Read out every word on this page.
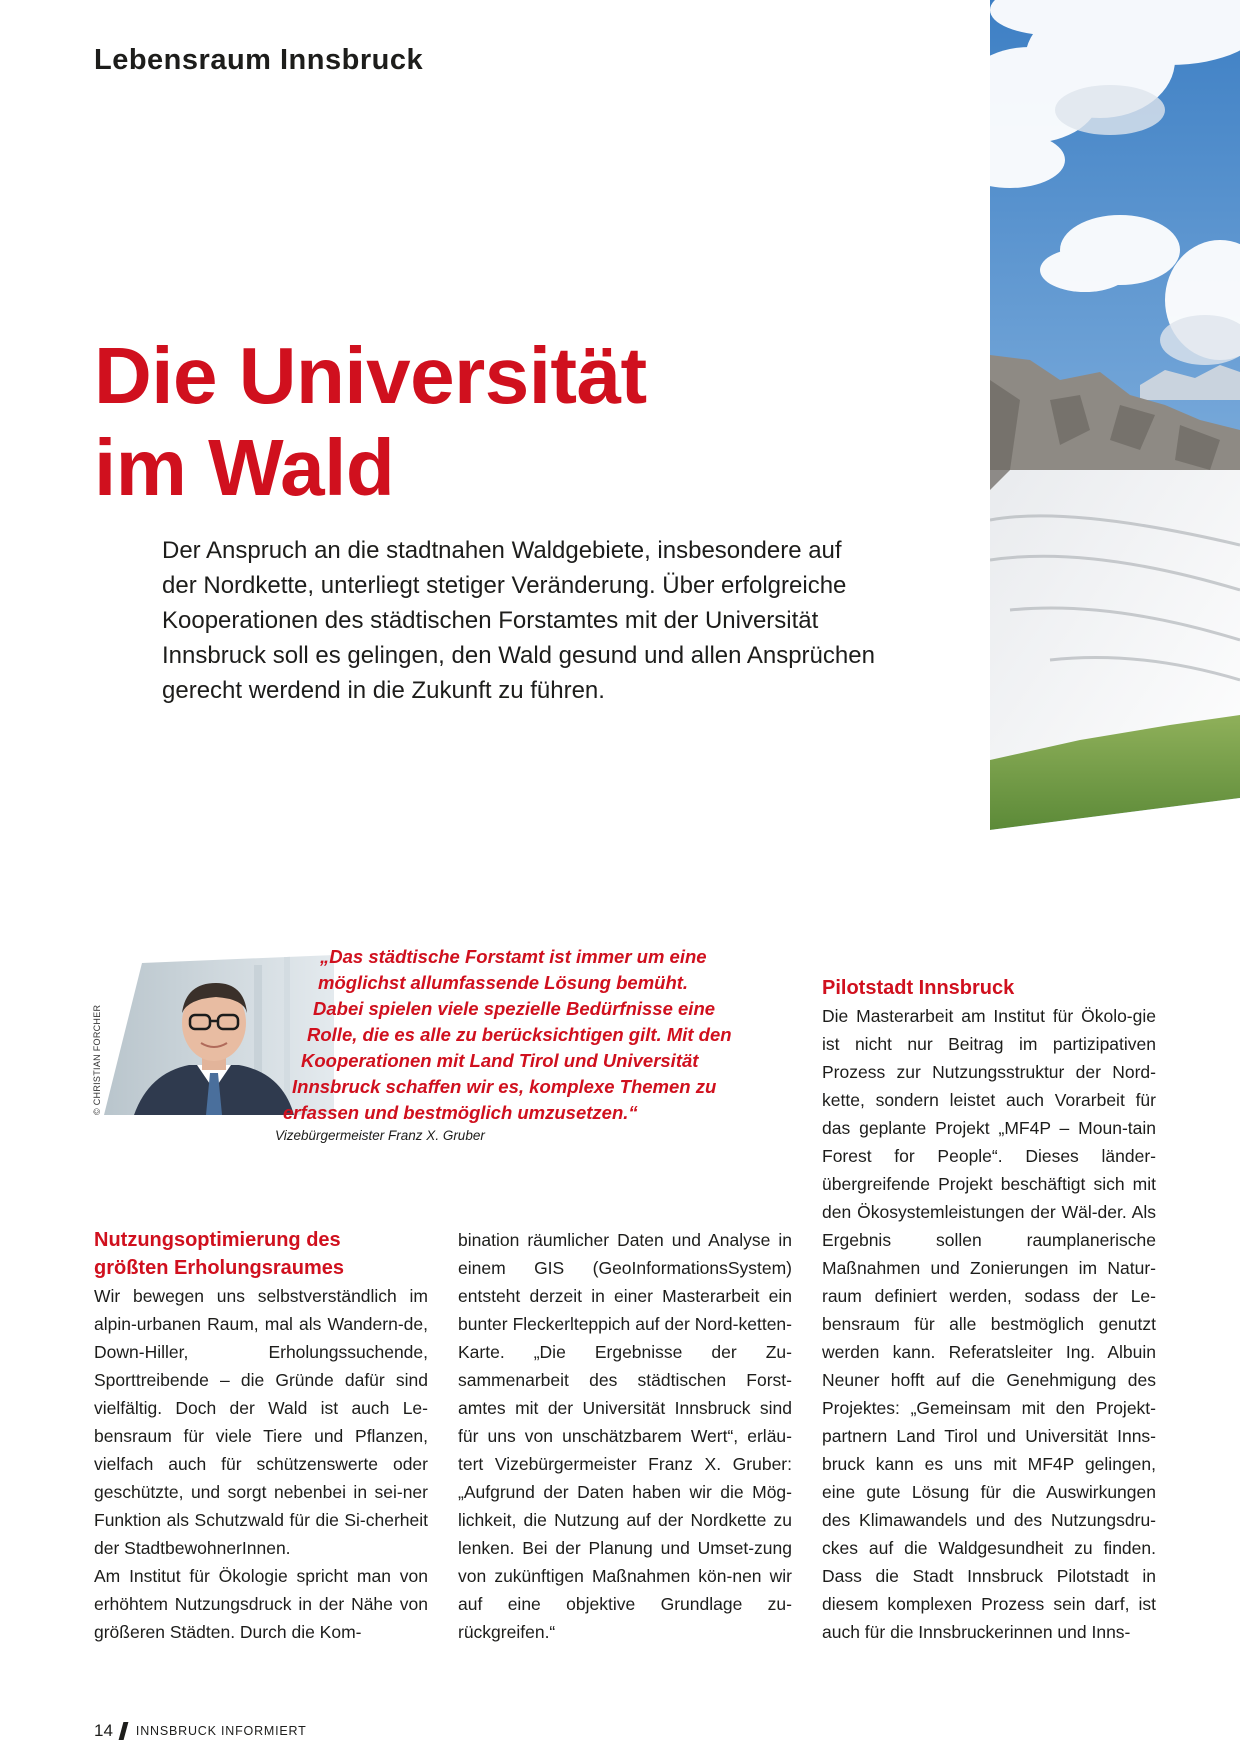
Lebensraum Innsbruck
Die Universität
im Wald

Der Anspruch an die stadtnahen Waldgebiete, insbesondere auf
der Nordkette, unterliegt stetiger Veränderung. Über erfolgreiche
Kooperationen des städtischen Forstamtes mit der Universität
Innsbruck soll es gelingen, den Wald gesund und allen Ansprüchen
gerecht werdend in die Zukunft zu führen.

© CHRISTIAN FORCHER
„Das städtische Forstamt ist immer um eine
möglichst allumfassende Lösung bemüht.
Dabei spielen viele spezielle Bedürfnisse eine
Rolle, die es alle zu berücksichtigen gilt. Mit den
Kooperationen mit Land Tirol und Universität
Innsbruck schaffen wir es, komplexe Themen zu
erfassen und bestmöglich umzusetzen.“
Vizebürgermeister Franz X. Gruber
Nutzungsoptimierung des
größten Erholungsraumes

Wir bewegen uns selbstverständlich im alpin-urbanen Raum, mal als Wandern-de, Down-Hiller, Erholungssuchende, Sporttreibende – die Gründe dafür sind vielfältig. Doch der Wald ist auch Le-bensraum für viele Tiere und Pflanzen, vielfach auch für schützenswerte oder geschützte, und sorgt nebenbei in sei-ner Funktion als Schutzwald für die Si-cherheit der StadtbewohnerInnen.

Am Institut für Ökologie spricht man von erhöhtem Nutzungsdruck in der Nähe von größeren Städten. Durch die Kom-

bination räumlicher Daten und Analyse in einem GIS (GeoInformationsSystem) entsteht derzeit in einer Masterarbeit ein bunter Fleckerlteppich auf der Nord-ketten-Karte. „Die Ergebnisse der Zu-sammenarbeit des städtischen Forst-amtes mit der Universität Innsbruck sind für uns von unschätzbarem Wert“, erläu-tert Vizebürgermeister Franz X. Gruber: „Aufgrund der Daten haben wir die Mög-lichkeit, die Nutzung auf der Nordkette zu lenken. Bei der Planung und Umset-zung von zukünftigen Maßnahmen kön-nen wir auf eine objektive Grundlage zu-rückgreifen.“

Pilotstadt Innsbruck

Die Masterarbeit am Institut für Ökolo-gie ist nicht nur Beitrag im partizipativen Prozess zur Nutzungsstruktur der Nord-kette, sondern leistet auch Vorarbeit für das geplante Projekt „MF4P – Moun-tain Forest for People“. Dieses länder-übergreifende Projekt beschäftigt sich mit den Ökosystemleistungen der Wäl-der. Als Ergebnis sollen raumplanerische Maßnahmen und Zonierungen im Natur-raum definiert werden, sodass der Le-bensraum für alle bestmöglich genutzt werden kann. Referatsleiter Ing. Albuin Neuner hofft auf die Genehmigung des Projektes: „Gemeinsam mit den Projekt-partnern Land Tirol und Universität Inns-bruck kann es uns mit MF4P gelingen, eine gute Lösung für die Auswirkungen des Klimawandels und des Nutzungsdru-ckes auf die Waldgesundheit zu finden. Dass die Stadt Innsbruck Pilotstadt in diesem komplexen Prozess sein darf, ist auch für die Innsbruckerinnen und Inns-

14 INNSBRUCK INFORMIERT
